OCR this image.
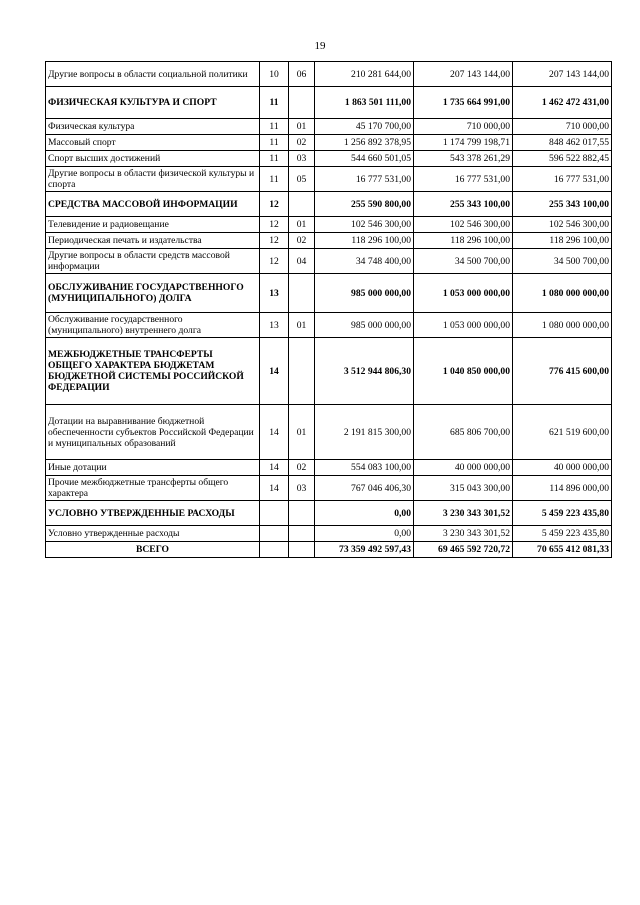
19
Другие вопросы в области социальной политики	10	06	210 281 644,00	207 143 144,00	207 143 144,00
ФИЗИЧЕСКАЯ КУЛЬТУРА И СПОРТ	11		1 863 501 111,00	1 735 664 991,00	1 462 472 431,00
Физическая культура	11	01	45 170 700,00	710 000,00	710 000,00
Массовый спорт	11	02	1 256 892 378,95	1 174 799 198,71	848 462 017,55
Спорт высших достижений	11	03	544 660 501,05	543 378 261,29	596 522 882,45
Другие вопросы в области физической культуры и спорта	11	05	16 777 531,00	16 777 531,00	16 777 531,00
СРЕДСТВА МАССОВОЙ ИНФОРМАЦИИ	12		255 590 800,00	255 343 100,00	255 343 100,00
Телевидение и радиовещание	12	01	102 546 300,00	102 546 300,00	102 546 300,00
Периодическая печать и издательства	12	02	118 296 100,00	118 296 100,00	118 296 100,00
Другие вопросы в области средств массовой информации	12	04	34 748 400,00	34 500 700,00	34 500 700,00
ОБСЛУЖИВАНИЕ ГОСУДАРСТВЕННОГО (МУНИЦИПАЛЬНОГО) ДОЛГА	13		985 000 000,00	1 053 000 000,00	1 080 000 000,00
Обслуживание государственного (муниципального) внутреннего долга	13	01	985 000 000,00	1 053 000 000,00	1 080 000 000,00
МЕЖБЮДЖЕТНЫЕ ТРАНСФЕРТЫ ОБЩЕГО ХАРАКТЕРА БЮДЖЕТАМ БЮДЖЕТНОЙ СИСТЕМЫ РОССИЙСКОЙ ФЕДЕРАЦИИ	14		3 512 944 806,30	1 040 850 000,00	776 415 600,00
Дотации на выравнивание бюджетной обеспеченности субъектов Российской Федерации и муниципальных образований	14	01	2 191 815 300,00	685 806 700,00	621 519 600,00
Иные дотации	14	02	554 083 100,00	40 000 000,00	40 000 000,00
Прочие межбюджетные трансферты общего характера	14	03	767 046 406,30	315 043 300,00	114 896 000,00
УСЛОВНО УТВЕРЖДЕННЫЕ РАСХОДЫ			0,00	3 230 343 301,52	5 459 223 435,80
Условно утвержденные расходы			0,00	3 230 343 301,52	5 459 223 435,80
ВСЕГО			73 359 492 597,43	69 465 592 720,72	70 655 412 081,33
